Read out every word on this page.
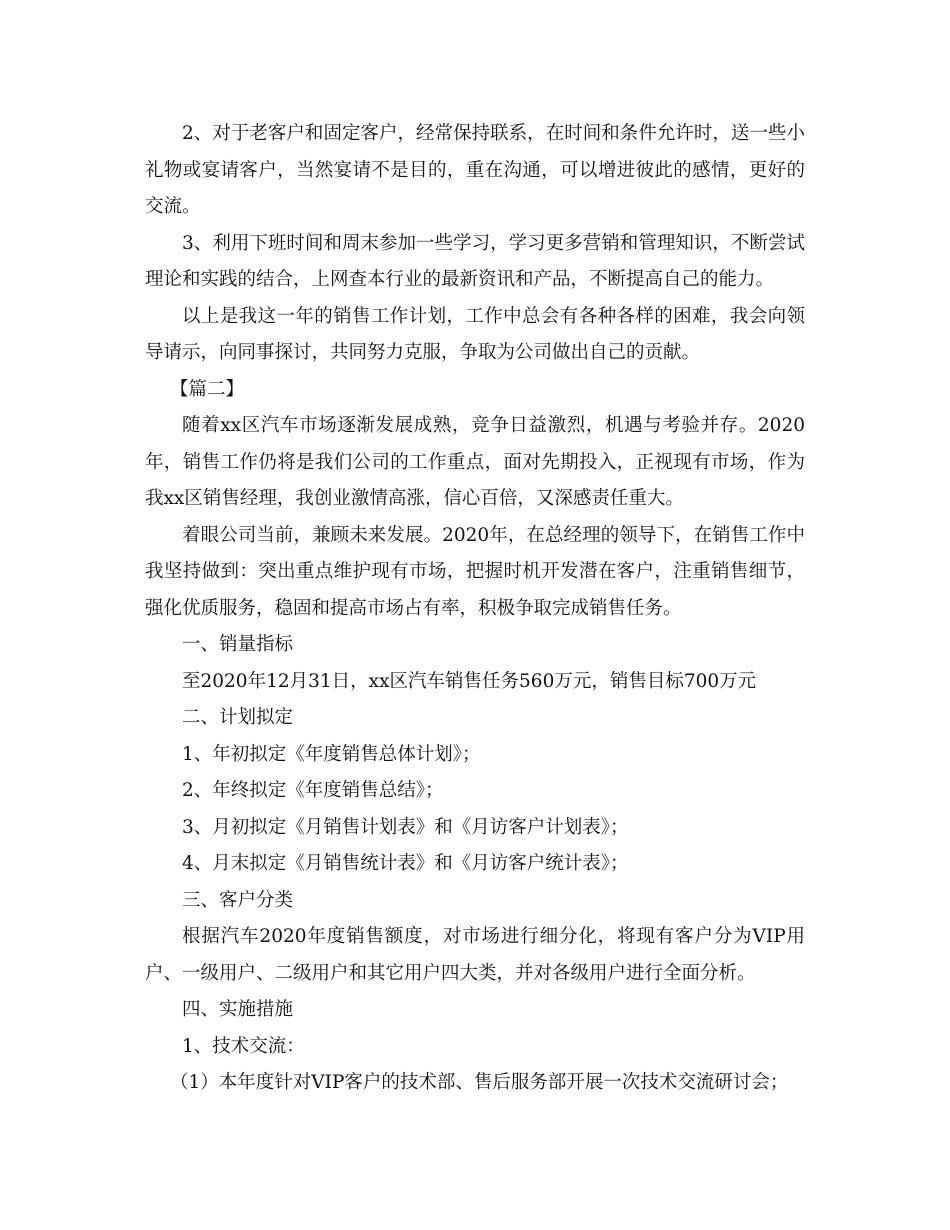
2、对于老客户和固定客户，经常保持联系，在时间和条件允许时，送一些小礼物或宴请客户，当然宴请不是目的，重在沟通，可以增进彼此的感情，更好的交流。

3、利用下班时间和周末参加一些学习，学习更多营销和管理知识，不断尝试理论和实践的结合，上网查本行业的最新资讯和产品，不断提高自己的能力。

以上是我这一年的销售工作计划，工作中总会有各种各样的困难，我会向领导请示，向同事探讨，共同努力克服，争取为公司做出自己的贡献。

【篇二】

随着xx区汽车市场逐渐发展成熟，竞争日益激烈，机遇与考验并存。2020年，销售工作仍将是我们公司的工作重点，面对先期投入，正视现有市场，作为我xx区销售经理，我创业激情高涨，信心百倍，又深感责任重大。

着眼公司当前，兼顾未来发展。2020年，在总经理的领导下，在销售工作中我坚持做到：突出重点维护现有市场，把握时机开发潜在客户，注重销售细节，强化优质服务，稳固和提高市场占有率，积极争取完成销售任务。

一、销量指标

至2020年12月31日，xx区汽车销售任务560万元，销售目标700万元

二、计划拟定

1、年初拟定《年度销售总体计划》；

2、年终拟定《年度销售总结》；

3、月初拟定《月销售计划表》和《月访客户计划表》；

4、月末拟定《月销售统计表》和《月访客户统计表》；

三、客户分类

根据汽车2020年度销售额度，对市场进行细分化，将现有客户分为VIP用户、一级用户、二级用户和其它用户四大类，并对各级用户进行全面分析。

四、实施措施

1、技术交流：

（1）本年度针对VIP客户的技术部、售后服务部开展一次技术交流研讨会；
